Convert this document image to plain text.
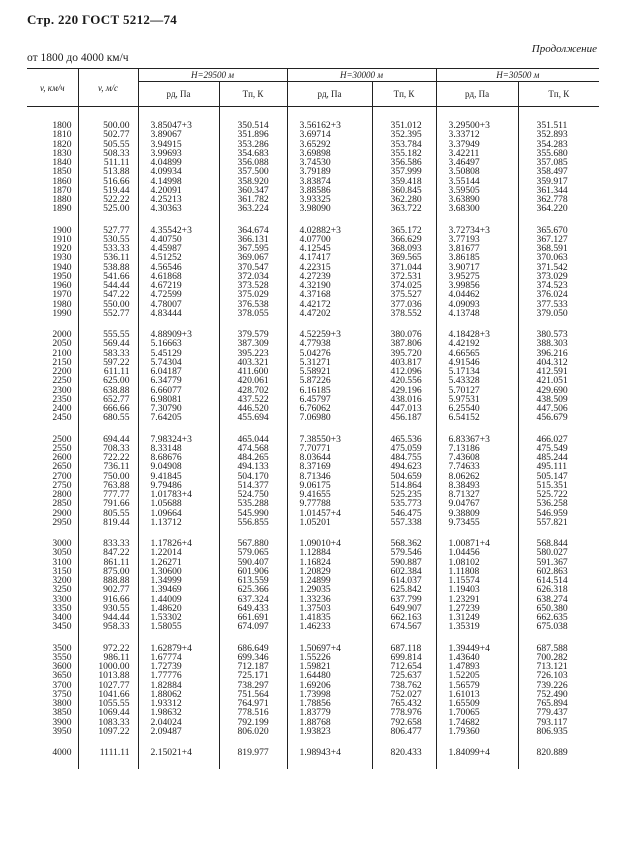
Стр. 220 ГОСТ 5212—74
Продолжение
от 1800 до 4000 км/ч
v, км/ч	v, м/с	H=29500 м		H=30000 м		H=30500 м	
		pд, Па	Tп, К	pд, Па	Tп, К	pд, Па	Tп, К

1800	500.00	3.85047+3	350.514	3.56162+3	351.012	3.29500+3	351.511
1810	502.77	3.89067	351.896	3.69714	352.395	3.33712	352.893
1820	505.55	3.94915	353.286	3.65292	353.784	3.37949	354.283
1830	508.33	3.99693	354.683	3.69898	355.182	3.42211	355.680
1840	511.11	4.04899	356.088	3.74530	356.586	3.46497	357.085
1850	513.88	4.09934	357.500	3.79189	357.999	3.50808	358.497
1860	516.66	4.14998	358.920	3.83874	359.418	3.55144	359.917
1870	519.44	4.20091	360.347	3.88586	360.845	3.59505	361.344
1880	522.22	4.25213	361.782	3.93325	362.280	3.63890	362.778
1890	525.00	4.30363	363.224	3.98090	363.722	3.68300	364.220

1900	527.77	4.35542+3	364.674	4.02882+3	365.172	3.72734+3	365.670
1910	530.55	4.40750	366.131	4.07700	366.629	3.77193	367.127
1920	533.33	4.45987	367.595	4.12545	368.093	3.81677	368.591
1930	536.11	4.51252	369.067	4.17417	369.565	3.86185	370.063
1940	538.88	4.56546	370.547	4.22315	371.044	3.90717	371.542
1950	541.66	4.61868	372.034	4.27239	372.531	3.95275	373.029
1960	544.44	4.67219	373.528	4.32190	374.025	3.99856	374.523
1970	547.22	4.72599	375.029	4.37168	375.527	4.04462	376.024
1980	550.00	4.78007	376.538	4.42172	377.036	4.09093	377.533
1990	552.77	4.83444	378.055	4.47202	378.552	4.13748	379.050

2000	555.55	4.88909+3	379.579	4.52259+3	380.076	4.18428+3	380.573
2050	569.44	5.16663	387.309	4.77938	387.806	4.42192	388.303
2100	583.33	5.45129	395.223	5.04276	395.720	4.66565	396.216
2150	597.22	5.74304	403.321	5.31271	403.817	4.91546	404.312
2200	611.11	6.04187	411.600	5.58921	412.096	5.17134	412.591
2250	625.00	6.34779	420.061	5.87226	420.556	5.43328	421.051
2300	638.88	6.66077	428.702	6.16185	429.196	5.70127	429.690
2350	652.77	6.98081	437.522	6.45797	438.016	5.97531	438.509
2400	666.66	7.30790	446.520	6.76062	447.013	6.25540	447.506
2450	680.55	7.64205	455.694	7.06980	456.187	6.54152	456.679

2500	694.44	7.98324+3	465.044	7.38550+3	465.536	6.83367+3	466.027
2550	708.33	8.33148	474.568	7.70771	475.059	7.13186	475.549
2600	722.22	8.68676	484.265	8.03644	484.755	7.43608	485.244
2650	736.11	9.04908	494.133	8.37169	494.623	7.74633	495.111
2700	750.00	9.41845	504.170	8.71346	504.659	8.06262	505.147
2750	763.88	9.79486	514.377	9.06175	514.864	8.38493	515.351
2800	777.77	1.01783+4	524.750	9.41655	525.235	8.71327	525.722
2850	791.66	1.05688	535.288	9.77788	535.773	9.04767	536.258
2900	805.55	1.09664	545.990	1.01457+4	546.475	9.38809	546.959
2950	819.44	1.13712	556.855	1.05201	557.338	9.73455	557.821

3000	833.33	1.17826+4	567.880	1.09010+4	568.362	1.00871+4	568.844
3050	847.22	1.22014	579.065	1.12884	579.546	1.04456	580.027
3100	861.11	1.26271	590.407	1.16824	590.887	1.08102	591.367
3150	875.00	1.30600	601.906	1.20829	602.384	1.11808	602.863
3200	888.88	1.34999	613.559	1.24899	614.037	1.15574	614.514
3250	902.77	1.39469	625.366	1.29035	625.842	1.19403	626.318
3300	916.66	1.44009	637.324	1.33236	637.799	1.23291	638.274
3350	930.55	1.48620	649.433	1.37503	649.907	1.27239	650.380
3400	944.44	1.53302	661.691	1.41835	662.163	1.31249	662.635
3450	958.33	1.58055	674.097	1.46233	674.567	1.35319	675.038

3500	972.22	1.62879+4	686.649	1.50697+4	687.118	1.39449+4	687.588
3550	986.11	1.67774	699.346	1.55226	699.814	1.43640	700.282
3600	1000.00	1.72739	712.187	1.59821	712.654	1.47893	713.121
3650	1013.88	1.77776	725.171	1.64480	725.637	1.52205	726.103
3700	1027.77	1.82884	738.297	1.69206	738.762	1.56579	739.226
3750	1041.66	1.88062	751.564	1.73998	752.027	1.61013	752.490
3800	1055.55	1.93312	764.971	1.78856	765.432	1.65509	765.894
3850	1069.44	1.98632	778.516	1.83779	778.976	1.70065	779.437
3900	1083.33	2.04024	792.199	1.88768	792.658	1.74682	793.117
3950	1097.22	2.09487	806.020	1.93823	806.477	1.79360	806.935

4000	1111.11	2.15021+4	819.977	1.98943+4	820.433	1.84099+4	820.889
